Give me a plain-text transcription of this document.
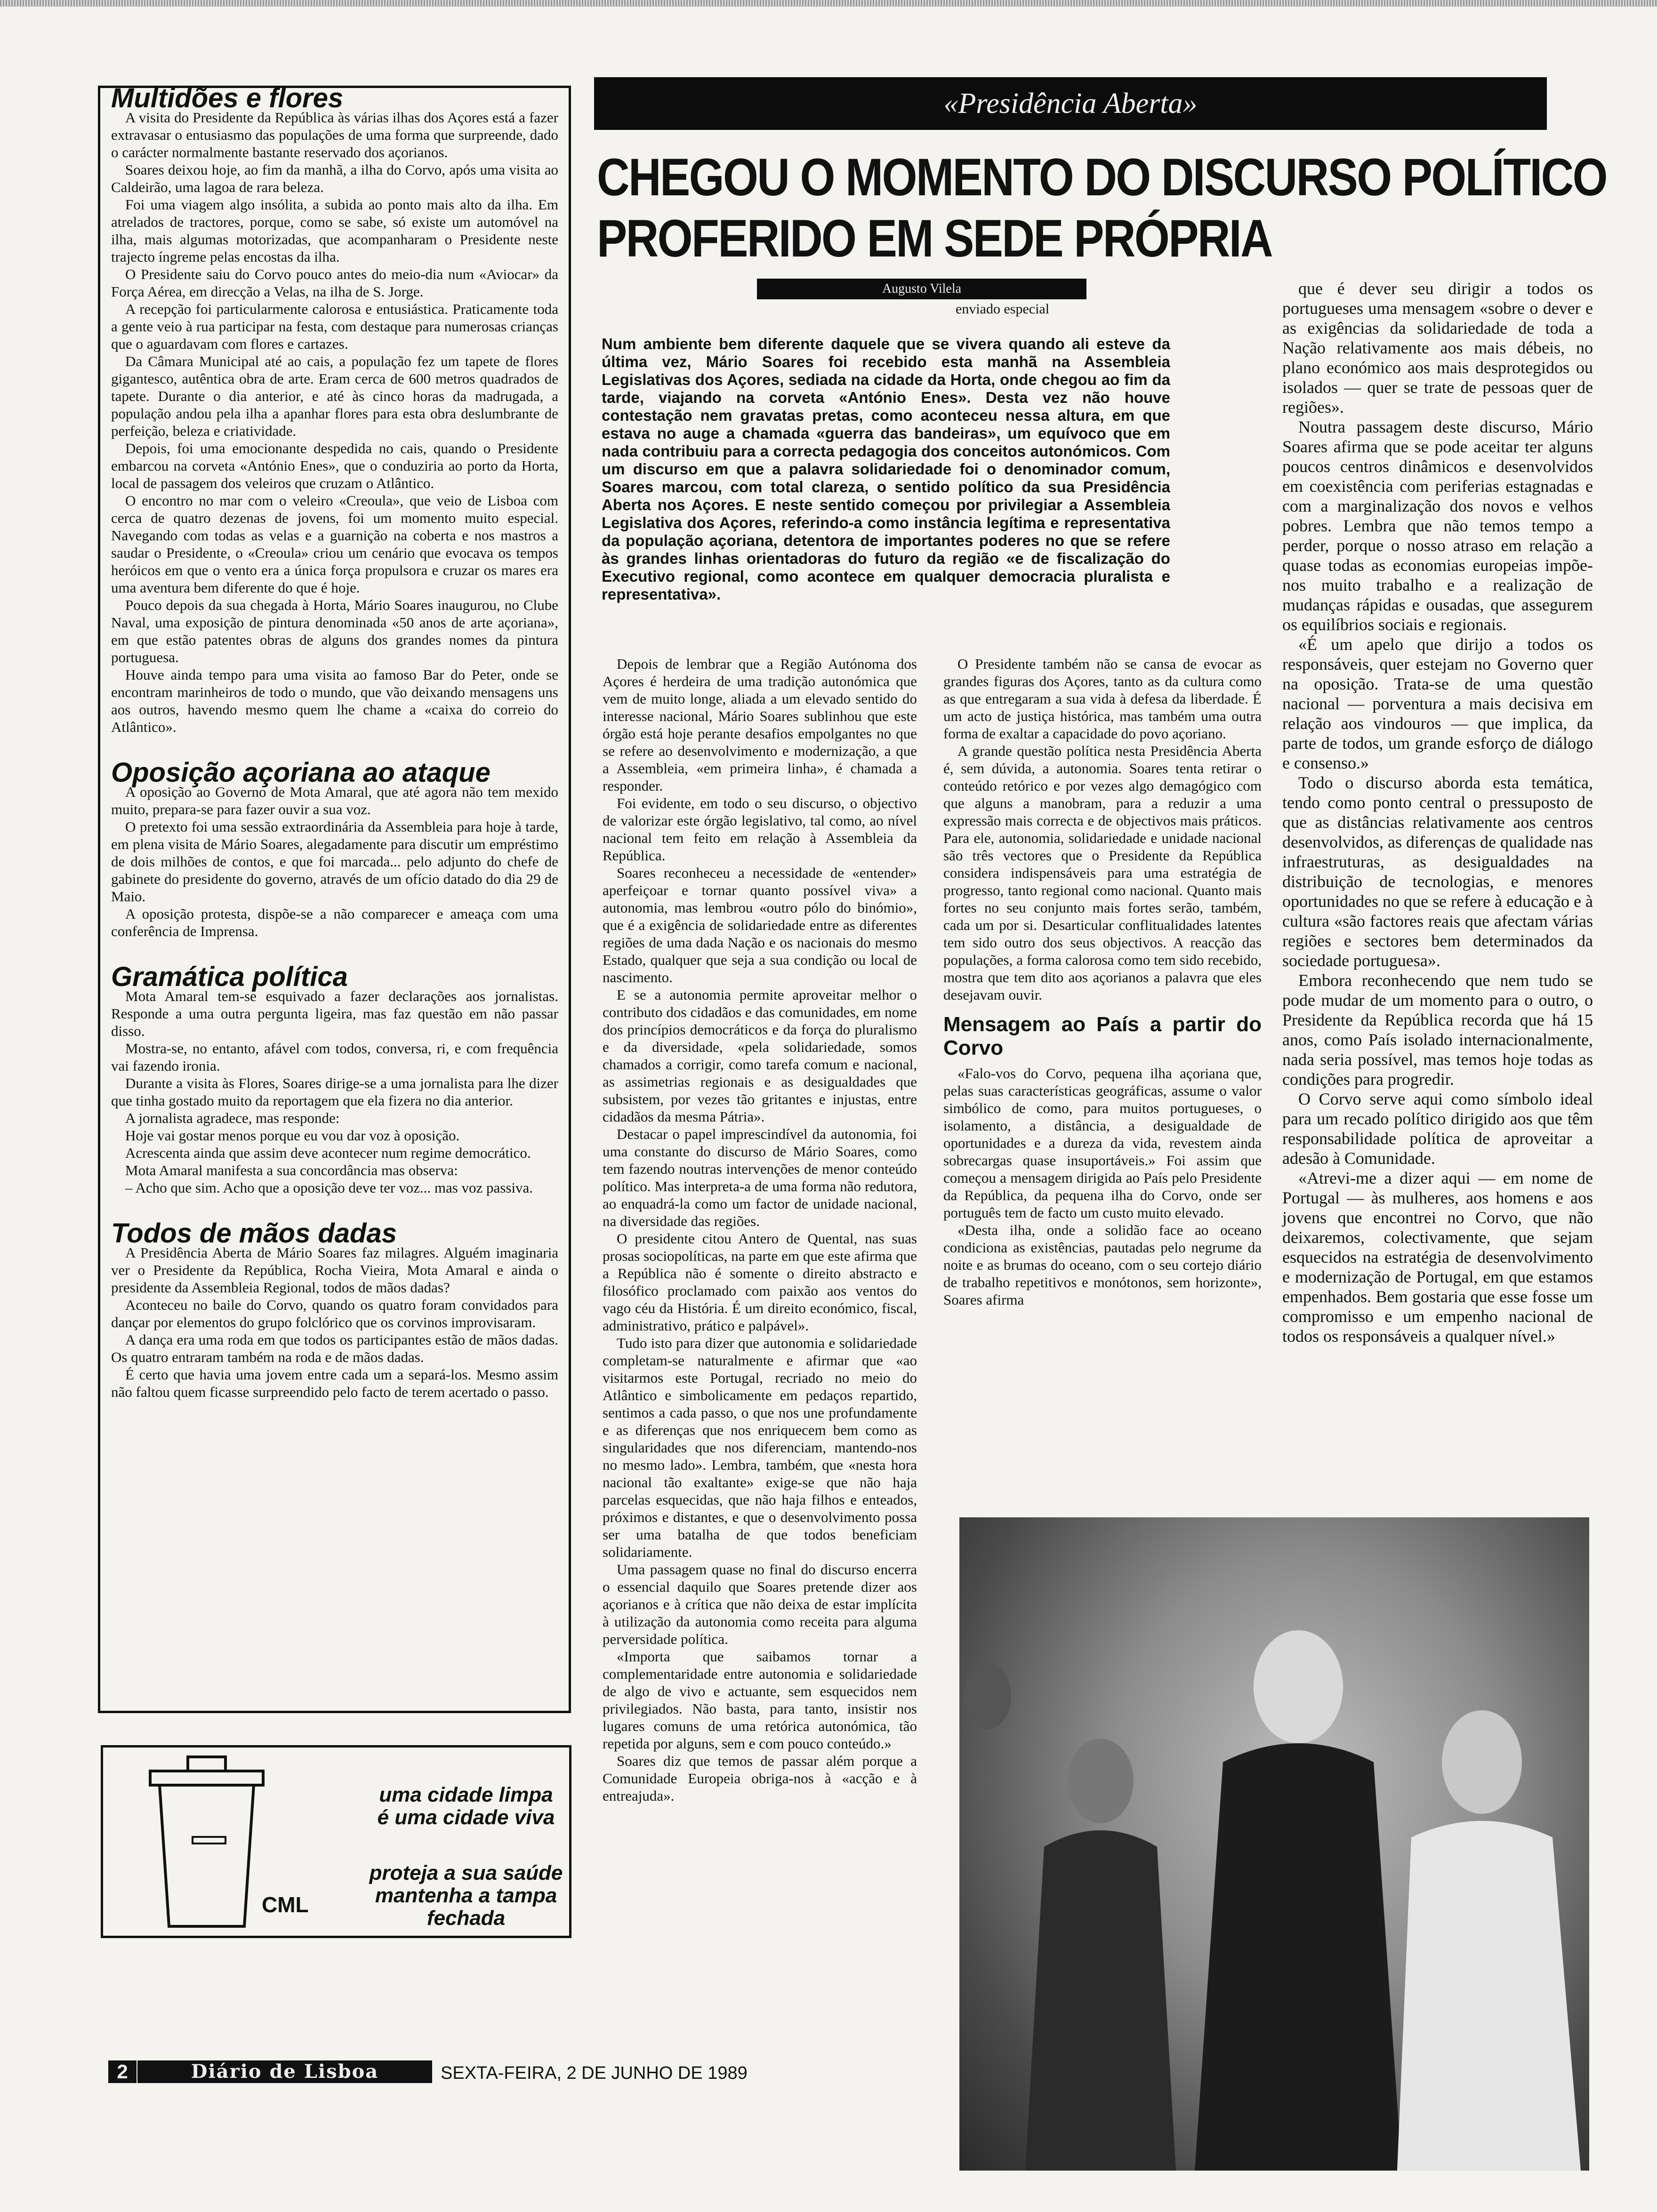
Multidões e flores

A visita do Presidente da República às várias ilhas dos Açores está a fazer extravasar o entusiasmo das populações de uma forma que surpreende, dado o carácter normalmente bastante reservado dos açorianos.

Soares deixou hoje, ao fim da manhã, a ilha do Corvo, após uma visita ao Caldeirão, uma lagoa de rara beleza.

Foi uma viagem algo insólita, a subida ao ponto mais alto da ilha. Em atrelados de tractores, porque, como se sabe, só existe um automóvel na ilha, mais algumas motorizadas, que acompanharam o Presidente neste trajecto íngreme pelas encostas da ilha.

O Presidente saiu do Corvo pouco antes do meio-dia num «Aviocar» da Força Aérea, em direcção a Velas, na ilha de S. Jorge.

A recepção foi particularmente calorosa e entusiástica. Praticamente toda a gente veio à rua participar na festa, com destaque para numerosas crianças que o aguardavam com flores e cartazes.

Da Câmara Municipal até ao cais, a população fez um tapete de flores gigantesco, autêntica obra de arte. Eram cerca de 600 metros quadrados de tapete. Durante o dia anterior, e até às cinco horas da madrugada, a população andou pela ilha a apanhar flores para esta obra deslumbrante de perfeição, beleza e criatividade.

Depois, foi uma emocionante despedida no cais, quando o Presidente embarcou na corveta «António Enes», que o conduziria ao porto da Horta, local de passagem dos veleiros que cruzam o Atlântico.

O encontro no mar com o veleiro «Creoula», que veio de Lisboa com cerca de quatro dezenas de jovens, foi um momento muito especial. Navegando com todas as velas e a guarnição na coberta e nos mastros a saudar o Presidente, o «Creoula» criou um cenário que evocava os tempos heróicos em que o vento era a única força propulsora e cruzar os mares era uma aventura bem diferente do que é hoje.

Pouco depois da sua chegada à Horta, Mário Soares inaugurou, no Clube Naval, uma exposição de pintura denominada «50 anos de arte açoriana», em que estão patentes obras de alguns dos grandes nomes da pintura portuguesa.

Houve ainda tempo para uma visita ao famoso Bar do Peter, onde se encontram marinheiros de todo o mundo, que vão deixando mensagens uns aos outros, havendo mesmo quem lhe chame a «caixa do correio do Atlântico».

Oposição açoriana ao ataque

A oposição ao Governo de Mota Amaral, que até agora não tem mexido muito, prepara-se para fazer ouvir a sua voz.

O pretexto foi uma sessão extraordinária da Assembleia para hoje à tarde, em plena visita de Mário Soares, alegadamente para discutir um empréstimo de dois milhões de contos, e que foi marcada... pelo adjunto do chefe de gabinete do presidente do governo, através de um ofício datado do dia 29 de Maio.

A oposição protesta, dispõe-se a não comparecer e ameaça com uma conferência de Imprensa.

Gramática política

Mota Amaral tem-se esquivado a fazer declarações aos jornalistas. Responde a uma outra pergunta ligeira, mas faz questão em não passar disso.

Mostra-se, no entanto, afável com todos, conversa, ri, e com frequência vai fazendo ironia.

Durante a visita às Flores, Soares dirige-se a uma jornalista para lhe dizer que tinha gostado muito da reportagem que ela fizera no dia anterior.

A jornalista agradece, mas responde:

Hoje vai gostar menos porque eu vou dar voz à oposição.

Acrescenta ainda que assim deve acontecer num regime democrático.

Mota Amaral manifesta a sua concordância mas observa:

– Acho que sim. Acho que a oposição deve ter voz... mas voz passiva.

Todos de mãos dadas

A Presidência Aberta de Mário Soares faz milagres. Alguém imaginaria ver o Presidente da República, Rocha Vieira, Mota Amaral e ainda o presidente da Assembleia Regional, todos de mãos dadas?

Aconteceu no baile do Corvo, quando os quatro foram convidados para dançar por elementos do grupo folclórico que os corvinos improvisaram.

A dança era uma roda em que todos os participantes estão de mãos dadas. Os quatro entraram também na roda e de mãos dadas.

É certo que havia uma jovem entre cada um a separá-los. Mesmo assim não faltou quem ficasse surpreendido pelo facto de terem acertado o passo.

«Presidência Aberta»
CHEGOU O MOMENTO DO DISCURSO POLÍTICO
PROFERIDO EM SEDE PRÓPRIA
Augusto Vilela
enviado especial

Num ambiente bem diferente daquele que se vivera quando ali esteve da última vez, Mário Soares foi recebido esta manhã na Assembleia Legislativas dos Açores, sediada na cidade da Horta, onde chegou ao fim da tarde, viajando na corveta «António Enes». Desta vez não houve contestação nem gravatas pretas, como aconteceu nessa altura, em que estava no auge a chamada «guerra das bandeiras», um equívoco que em nada contribuiu para a correcta pedagogia dos conceitos autonómicos. Com um discurso em que a palavra solidariedade foi o denominador comum, Soares marcou, com total clareza, o sentido político da sua Presidência Aberta nos Açores. E neste sentido começou por privilegiar a Assembleia Legislativa dos Açores, referindo-a como instância legítima e representativa da população açoriana, detentora de importantes poderes no que se refere às grandes linhas orientadoras do futuro da região «e de fiscalização do Executivo regional, como acontece em qualquer democracia pluralista e representativa».

Depois de lembrar que a Região Autónoma dos Açores é herdeira de uma tradição autonómica que vem de muito longe, aliada a um elevado sentido do interesse nacional, Mário Soares sublinhou que este órgão está hoje perante desafios empolgantes no que se refere ao desenvolvimento e modernização, a que a Assembleia, «em primeira linha», é chamada a responder.

Foi evidente, em todo o seu discurso, o objectivo de valorizar este órgão legislativo, tal como, ao nível nacional tem feito em relação à Assembleia da República.

Soares reconheceu a necessidade de «entender» aperfeiçoar e tornar quanto possível viva» a autonomia, mas lembrou «outro pólo do binómio», que é a exigência de solidariedade entre as diferentes regiões de uma dada Nação e os nacionais do mesmo Estado, qualquer que seja a sua condição ou local de nascimento.

E se a autonomia permite aproveitar melhor o contributo dos cidadãos e das comunidades, em nome dos princípios democráticos e da força do pluralismo e da diversidade, «pela solidariedade, somos chamados a corrigir, como tarefa comum e nacional, as assimetrias regionais e as desigualdades que subsistem, por vezes tão gritantes e injustas, entre cidadãos da mesma Pátria».

Destacar o papel imprescindível da autonomia, foi uma constante do discurso de Mário Soares, como tem fazendo noutras intervenções de menor conteúdo político. Mas interpreta-a de uma forma não redutora, ao enquadrá-la como um factor de unidade nacional, na diversidade das regiões.

O presidente citou Antero de Quental, nas suas prosas sociopolíticas, na parte em que este afirma que a República não é somente o direito abstracto e filosófico proclamado com paixão aos ventos do vago céu da História. É um direito económico, fiscal, administrativo, prático e palpável».

Tudo isto para dizer que autonomia e solidariedade completam-se naturalmente e afirmar que «ao visitarmos este Portugal, recriado no meio do Atlântico e simbolicamente em pedaços repartido, sentimos a cada passo, o que nos une profundamente e as diferenças que nos enriquecem bem como as singularidades que nos diferenciam, mantendo-nos no mesmo lado». Lembra, também, que «nesta hora nacional tão exaltante» exige-se que não haja parcelas esquecidas, que não haja filhos e enteados, próximos e distantes, e que o desenvolvimento possa ser uma batalha de que todos beneficiam solidariamente.

Uma passagem quase no final do discurso encerra o essencial daquilo que Soares pretende dizer aos açorianos e à crítica que não deixa de estar implícita à utilização da autonomia como receita para alguma perversidade política.

«Importa que saibamos tornar a complementaridade entre autonomia e solidariedade de algo de vivo e actuante, sem esquecidos nem privilegiados. Não basta, para tanto, insistir nos lugares comuns de uma retórica autonómica, tão repetida por alguns, sem e com pouco conteúdo.»

Soares diz que temos de passar além porque a Comunidade Europeia obriga-nos à «acção e à entreajuda».

O Presidente também não se cansa de evocar as grandes figuras dos Açores, tanto as da cultura como as que entregaram a sua vida à defesa da liberdade. É um acto de justiça histórica, mas também uma outra forma de exaltar a capacidade do povo açoriano.

A grande questão política nesta Presidência Aberta é, sem dúvida, a autonomia. Soares tenta retirar o conteúdo retórico e por vezes algo demagógico com que alguns a manobram, para a reduzir a uma expressão mais correcta e de objectivos mais práticos. Para ele, autonomia, solidariedade e unidade nacional são três vectores que o Presidente da República considera indispensáveis para uma estratégia de progresso, tanto regional como nacional. Quanto mais fortes no seu conjunto mais fortes serão, também, cada um por si. Desarticular conflitualidades latentes tem sido outro dos seus objectivos. A reacção das populações, a forma calorosa como tem sido recebido, mostra que tem dito aos açorianos a palavra que eles desejavam ouvir.

Mensagem ao País a partir do Corvo

«Falo-vos do Corvo, pequena ilha açoriana que, pelas suas características geográficas, assume o valor simbólico de como, para muitos portugueses, o isolamento, a distância, a desigualdade de oportunidades e a dureza da vida, revestem ainda sobrecargas quase insuportáveis.» Foi assim que começou a mensagem dirigida ao País pelo Presidente da República, da pequena ilha do Corvo, onde ser português tem de facto um custo muito elevado.

«Desta ilha, onde a solidão face ao oceano condiciona as existências, pautadas pelo negrume da noite e as brumas do oceano, com o seu cortejo diário de trabalho repetitivos e monótonos, sem horizonte», Soares afirma

que é dever seu dirigir a todos os portugueses uma mensagem «sobre o dever e as exigências da solidariedade de toda a Nação relativamente aos mais débeis, no plano económico aos mais desprotegidos ou isolados — quer se trate de pessoas quer de regiões».

Noutra passagem deste discurso, Mário Soares afirma que se pode aceitar ter alguns poucos centros dinâmicos e desenvolvidos em coexistência com periferias estagnadas e com a marginalização dos novos e velhos pobres. Lembra que não temos tempo a perder, porque o nosso atraso em relação a quase todas as economias europeias impõe-nos muito trabalho e a realização de mudanças rápidas e ousadas, que assegurem os equilíbrios sociais e regionais.

«É um apelo que dirijo a todos os responsáveis, quer estejam no Governo quer na oposição. Trata-se de uma questão nacional — porventura a mais decisiva em relação aos vindouros — que implica, da parte de todos, um grande esforço de diálogo e consenso.»

Todo o discurso aborda esta temática, tendo como ponto central o pressuposto de que as distâncias relativamente aos centros desenvolvidos, as diferenças de qualidade nas infraestruturas, as desigualdades na distribuição de tecnologias, e menores oportunidades no que se refere à educação e à cultura «são factores reais que afectam várias regiões e sectores bem determinados da sociedade portuguesa».

Embora reconhecendo que nem tudo se pode mudar de um momento para o outro, o Presidente da República recorda que há 15 anos, como País isolado internacionalmente, nada seria possível, mas temos hoje todas as condições para progredir.

O Corvo serve aqui como símbolo ideal para um recado político dirigido aos que têm responsabilidade política de aproveitar a adesão à Comunidade.

«Atrevi-me a dizer aqui — em nome de Portugal — às mulheres, aos homens e aos jovens que encontrei no Corvo, que não deixaremos, colectivamente, que sejam esquecidos na estratégia de desenvolvimento e modernização de Portugal, em que estamos empenhados. Bem gostaria que esse fosse um compromisso e um empenho nacional de todos os responsáveis a qualquer nível.»

uma cidade limpa
é uma cidade viva
proteja a sua saúde
mantenha a tampa fechada
CML
2	Diário de Lisboa	SEXTA-FEIRA, 2 DE JUNHO DE 1989
